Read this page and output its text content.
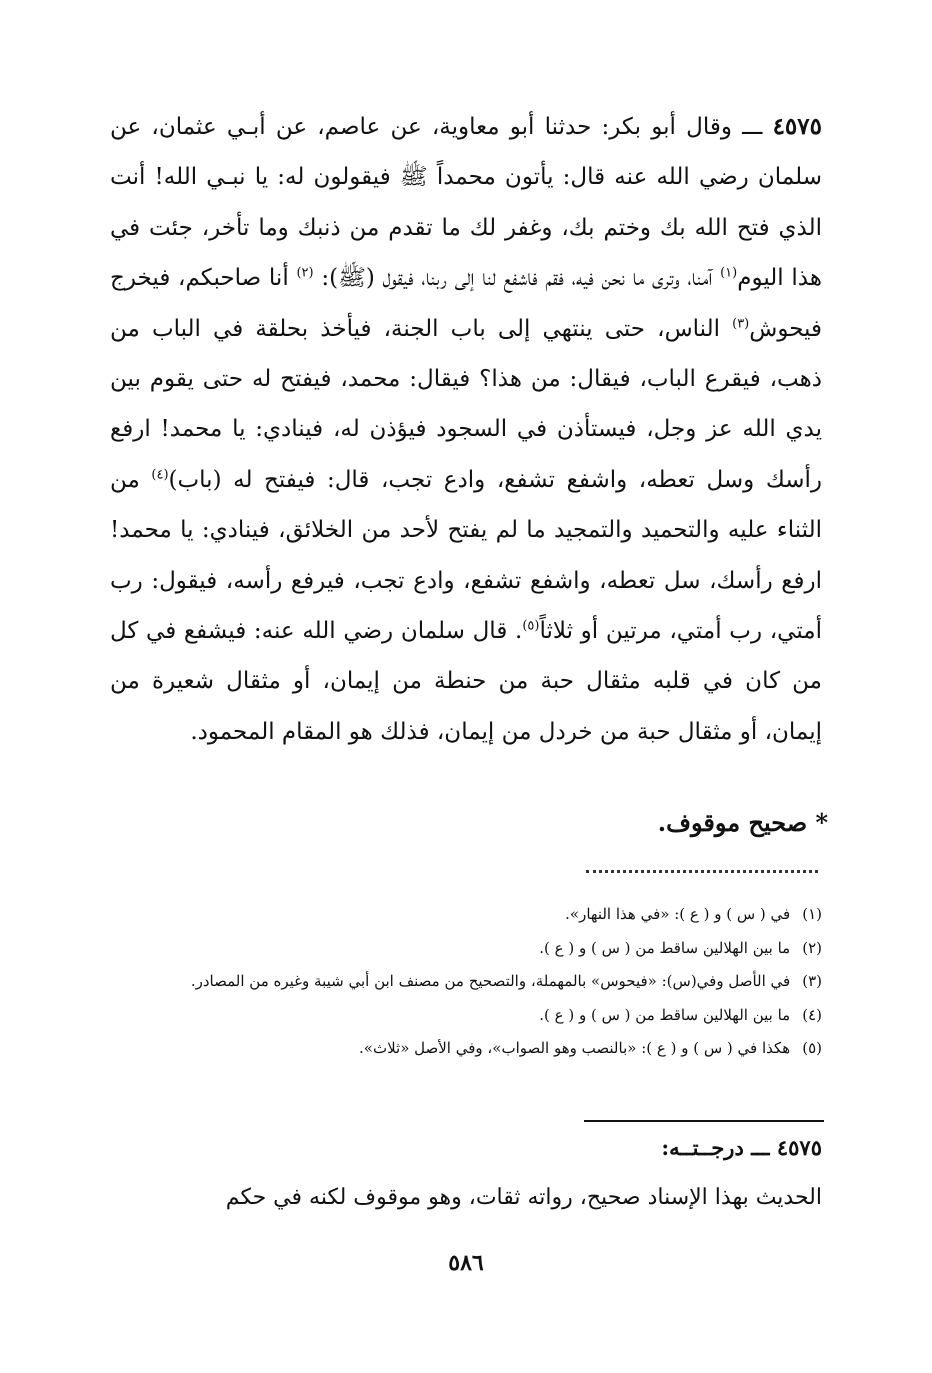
٤٥٧٥ ـــ وقال أبو بكر: حدثنا أبو معاوية، عن عاصم، عن أبـي عثمان، عن سلمان رضي الله عنه قال: يأتون محمداً ﷺ فيقولون له: يا نبـي الله! أنت الذي فتح الله بك وختم بك، وغفر لك ما تقدم من ذنبك وما تأخر، جئت في هذا اليوم$^{(١)}$ آمنا، وترى ما نحن فيه، فقم فاشفع لنا إلى ربنا، فيقول (ﷺ): $^{(٢)}$ أنا صاحبكم، فيخرج فيحوش$^{(٣)}$ الناس، حتى ينتهي إلى باب الجنة، فيأخذ بحلقة في الباب من ذهب، فيقرع الباب، فيقال: من هذا؟ فيقال: محمد، فيفتح له حتى يقوم بين يدي الله عز وجل، فيستأذن في السجود فيؤذن له، فينادي: يا محمد! ارفع رأسك وسل تعطه، واشفع تشفع، وادع تجب، قال: فيفتح له (باب)$^{(٤)}$ من الثناء عليه والتحميد والتمجيد ما لم يفتح لأحد من الخلائق، فينادي: يا محمد! ارفع رأسك، سل تعطه، واشفع تشفع، وادع تجب، فيرفع رأسه، فيقول: رب أمتي، رب أمتي، مرتين أو ثلاثاً$^{(٥)}$. قال سلمان رضي الله عنه: فيشفع في كل من كان في قلبه مثقال حبة من حنطة من إيمان، أو مثقال شعيرة من إيمان، أو مثقال حبة من خردل من إيمان، فذلك هو المقام المحمود.

* صحيح موقوف.
(١)في ( س ) و ( ع ): «في هذا النهار».
(٢)ما بين الهلالين ساقط من ( س ) و ( ع ).
(٣)في الأصل وفي(س): «فيحوس» بالمهملة، والتصحيح من مصنف ابن أبي شيبة وغيره من المصادر.
(٤)ما بين الهلالين ساقط من ( س ) و ( ع ).
(٥)هكذا في ( س ) و ( ع ): «بالنصب وهو الصواب»، وفي الأصل «ثلاث».
٤٥٧٥ ـــ درجــتــه:
الحديث بهذا الإسناد صحيح، رواته ثقات، وهو موقوف لكنه في حكم
٥٨٦
